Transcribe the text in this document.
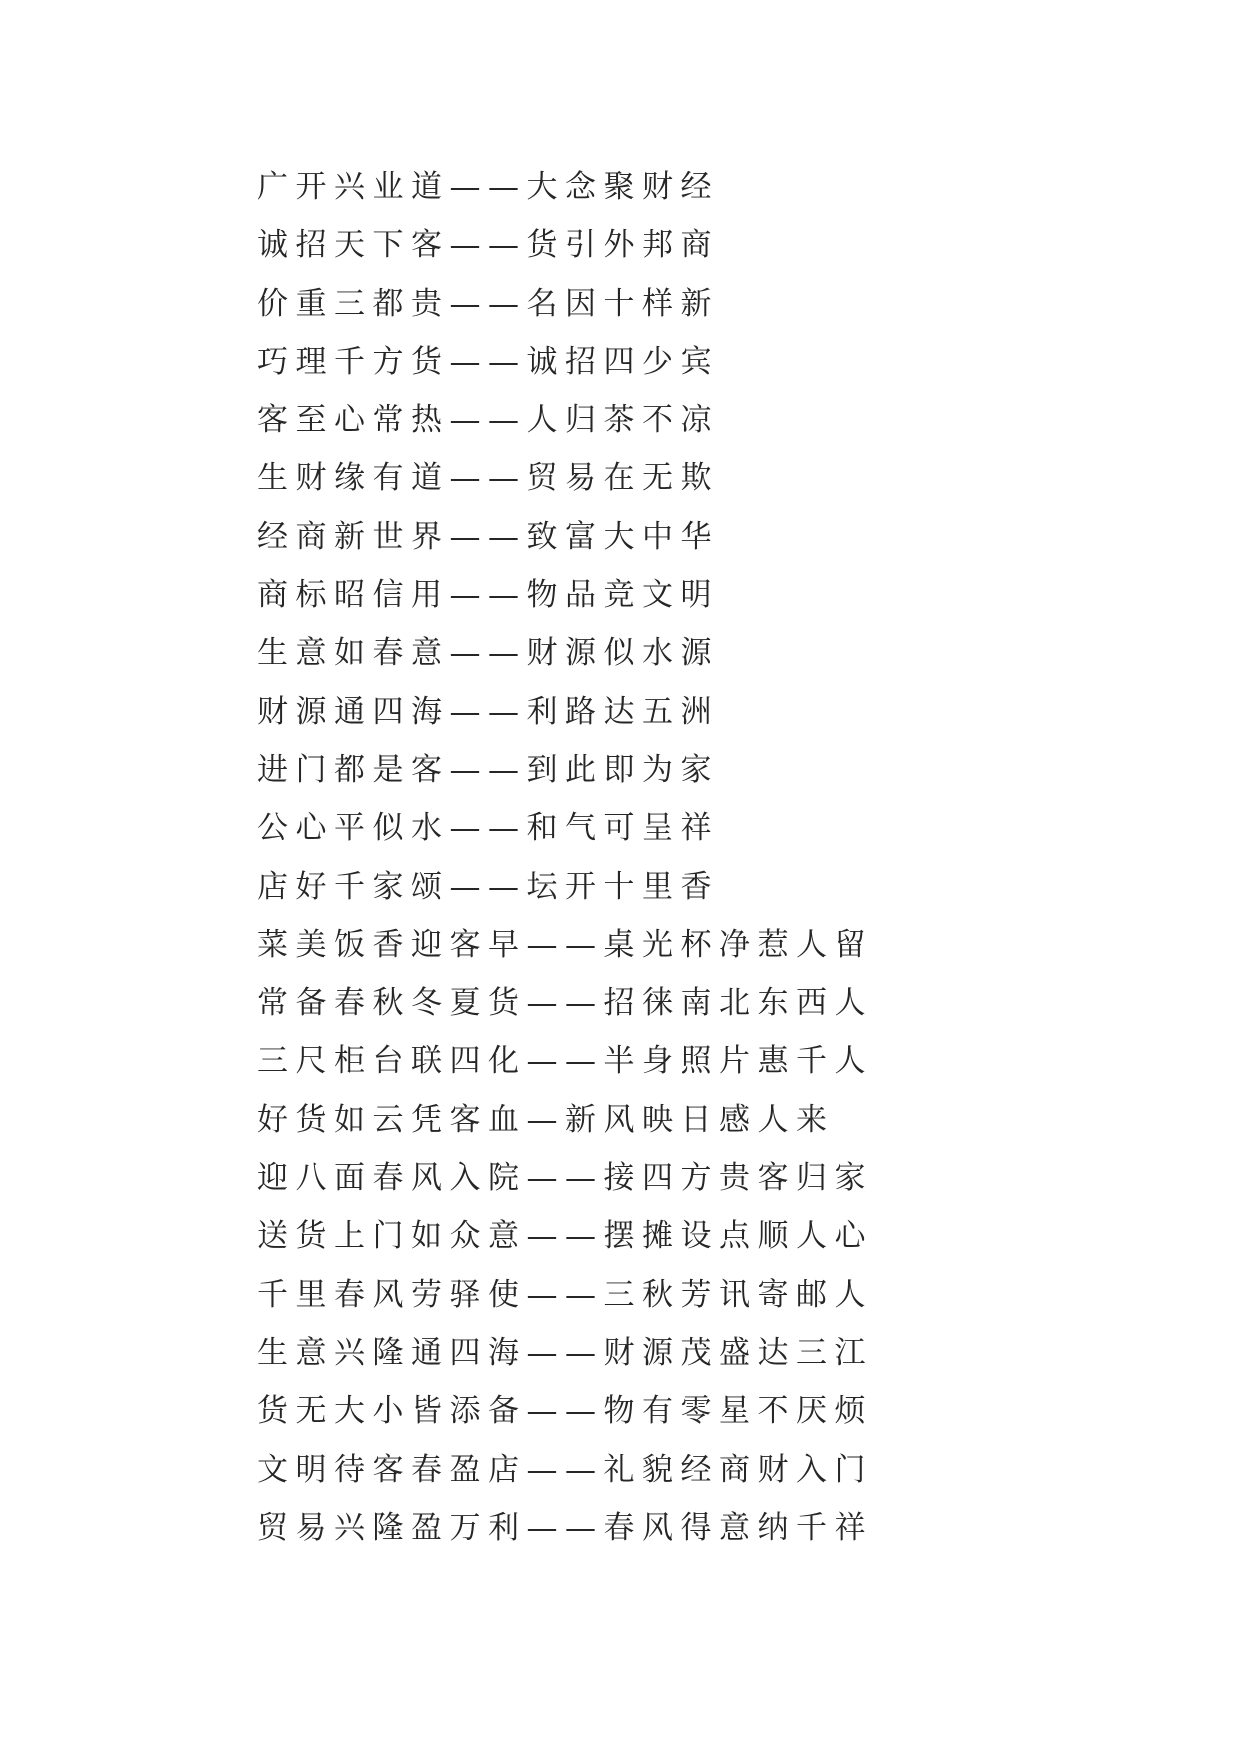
广开兴业道——大念聚财经
诚招天下客——货引外邦商
价重三都贵——名因十样新
巧理千方货——诚招四少宾
客至心常热——人归茶不凉
生财缘有道——贸易在无欺
经商新世界——致富大中华
商标昭信用——物品竞文明
生意如春意——财源似水源
财源通四海——利路达五洲
进门都是客——到此即为家
公心平似水——和气可呈祥
店好千家颂——坛开十里香
菜美饭香迎客早——桌光杯净惹人留
常备春秋冬夏货——招徕南北东西人
三尺柜台联四化——半身照片惠千人
好货如云凭客血—新风映日感人来
迎八面春风入院——接四方贵客归家
送货上门如众意——摆摊设点顺人心
千里春风劳驿使——三秋芳讯寄邮人
生意兴隆通四海——财源茂盛达三江
货无大小皆添备——物有零星不厌烦
文明待客春盈店——礼貌经商财入门
贸易兴隆盈万利——春风得意纳千祥
